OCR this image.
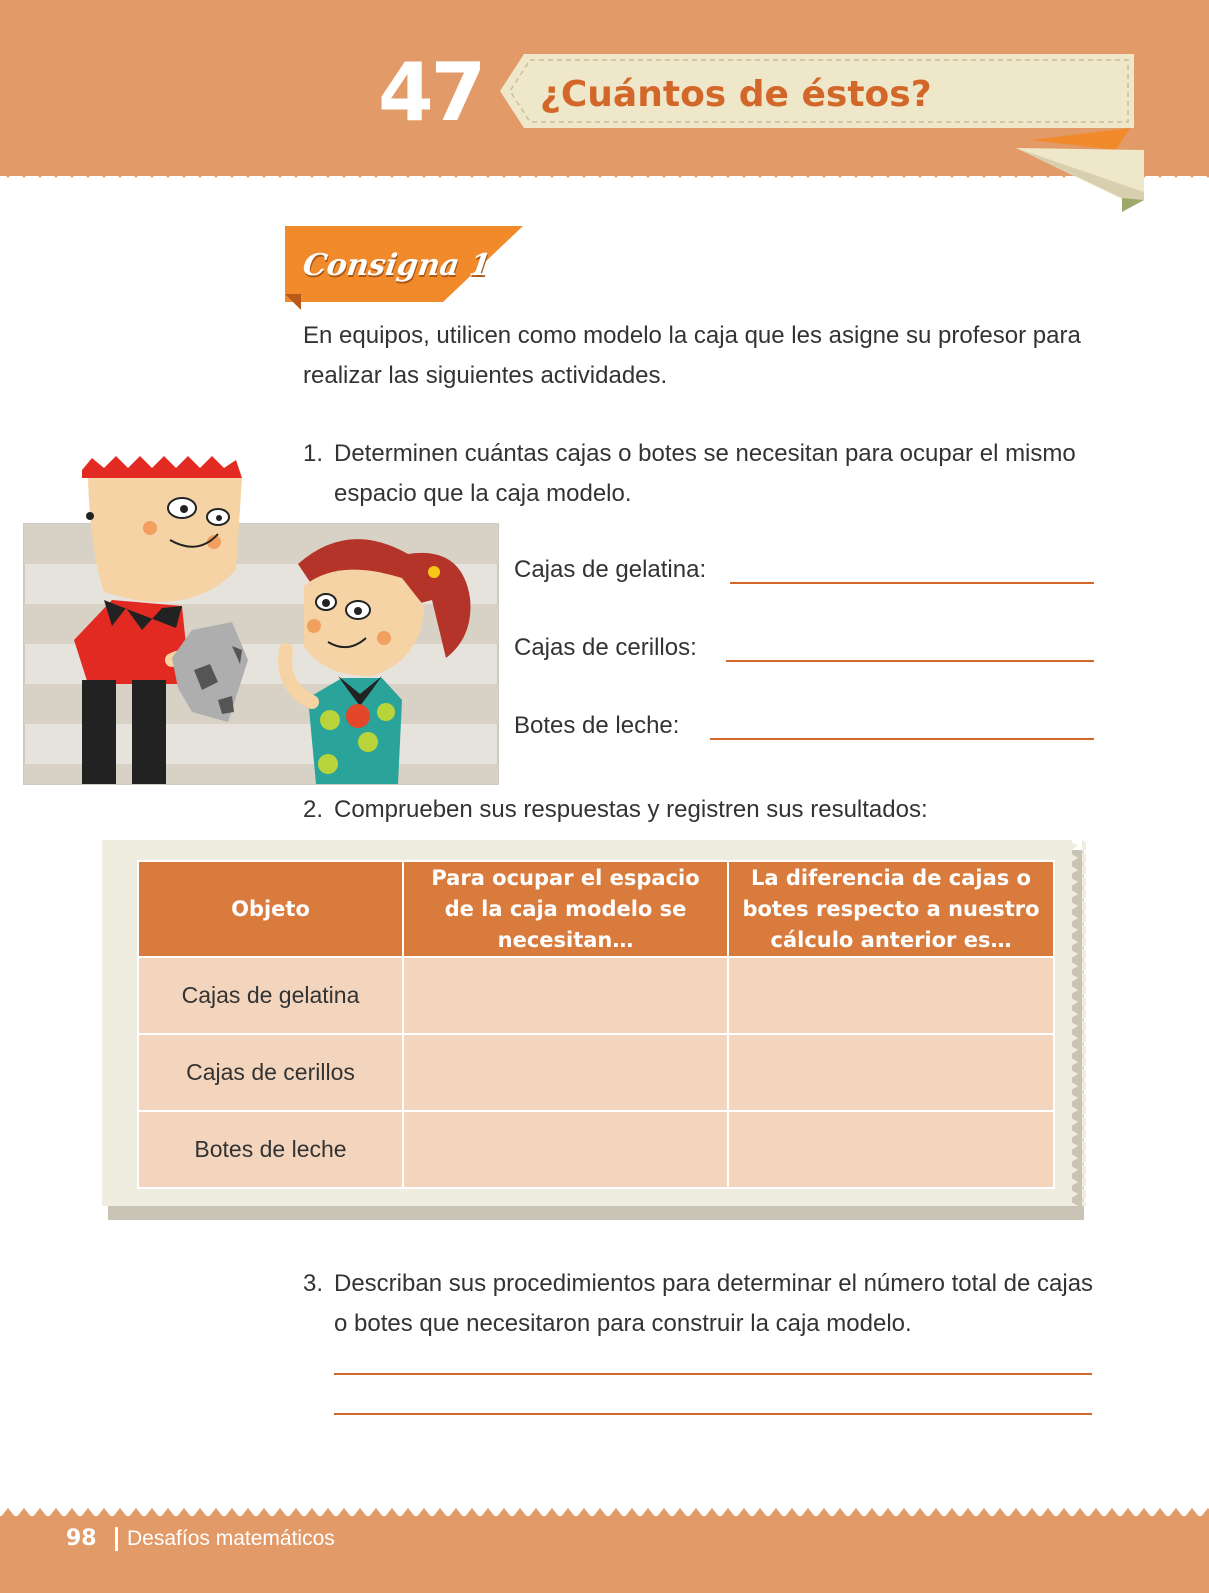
47	¿Cuántos de éstos?
Consigna 1
En equipos, utilicen como modelo la caja que les asigne su profesor para realizar las siguientes actividades.
1. Determinen cuántas cajas o botes se necesitan para ocupar el mismo espacio que la caja modelo.
Cajas de gelatina:
Cajas de cerillos:
Botes de leche:
2. Comprueben sus respuestas y registren sus resultados:
Objeto	Para ocupar el espacio de la caja modelo se necesitan…	La diferencia de cajas o botes respecto a nuestro cálculo anterior es…
Cajas de gelatina		
Cajas de cerillos		
Botes de leche		
3. Describan sus procedimientos para determinar el número total de cajas o botes que necesitaron para construir la caja modelo.
98 Desafíos matemáticos
